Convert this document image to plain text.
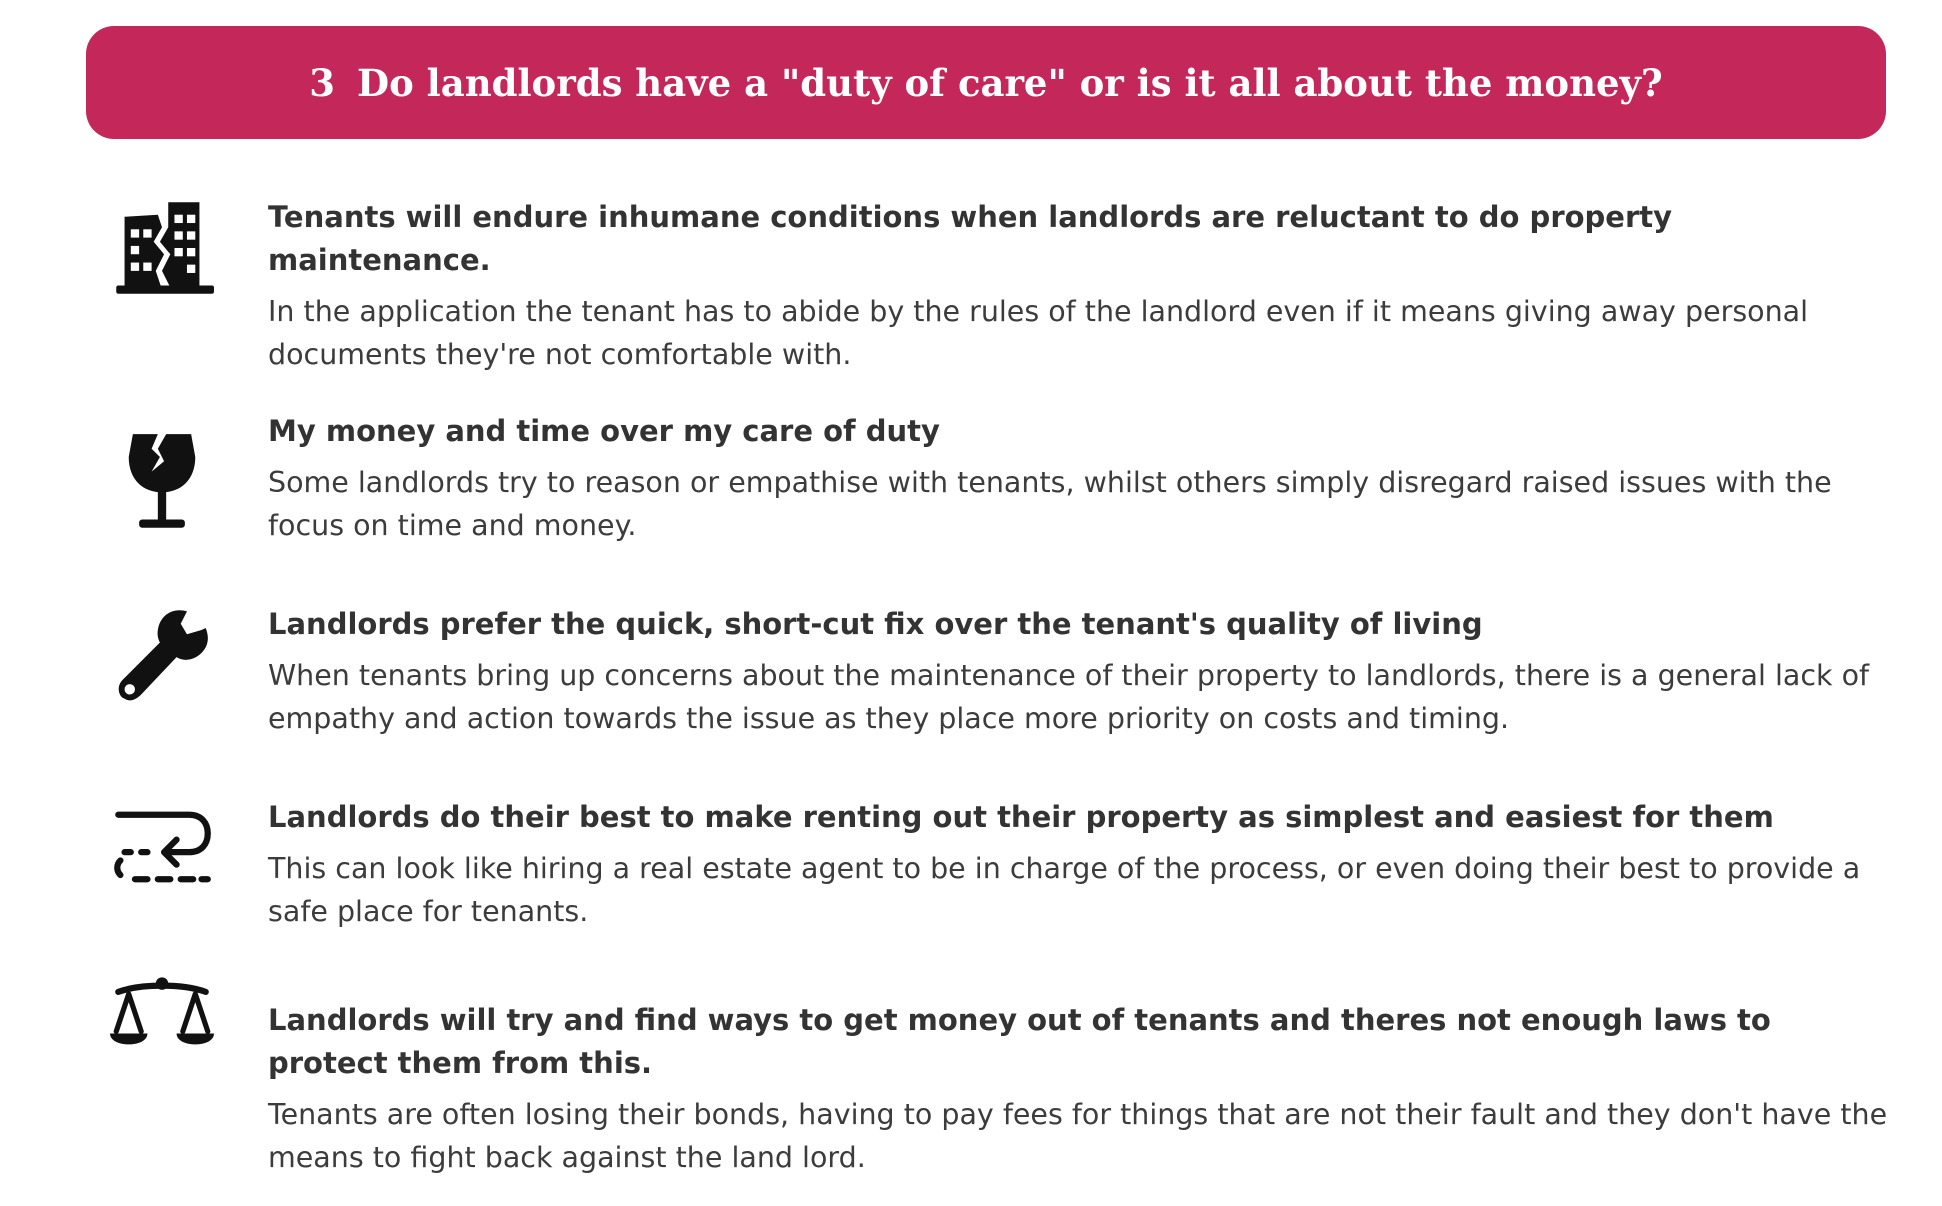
3 Do landlords have a "duty of care" or is it all about the money?

Tenants will endure inhumane conditions when landlords are reluctant to do property maintenance.

In the application the tenant has to abide by the rules of the landlord even if it means giving away personal documents they're not comfortable with.

My money and time over my care of duty

Some landlords try to reason or empathise with tenants, whilst others simply disregard raised issues with the focus on time and money.

Landlords prefer the quick, short-cut fix over the tenant's quality of living

When tenants bring up concerns about the maintenance of their property to landlords, there is a general lack of empathy and action towards the issue as they place more priority on costs and timing.

Landlords do their best to make renting out their property as simplest and easiest for them

This can look like hiring a real estate agent to be in charge of the process, or even doing their best to provide a safe place for tenants.

Landlords will try and find ways to get money out of tenants and theres not enough laws to protect them from this.

Tenants are often losing their bonds, having to pay fees for things that are not their fault and they don't have the means to fight back against the land lord.
